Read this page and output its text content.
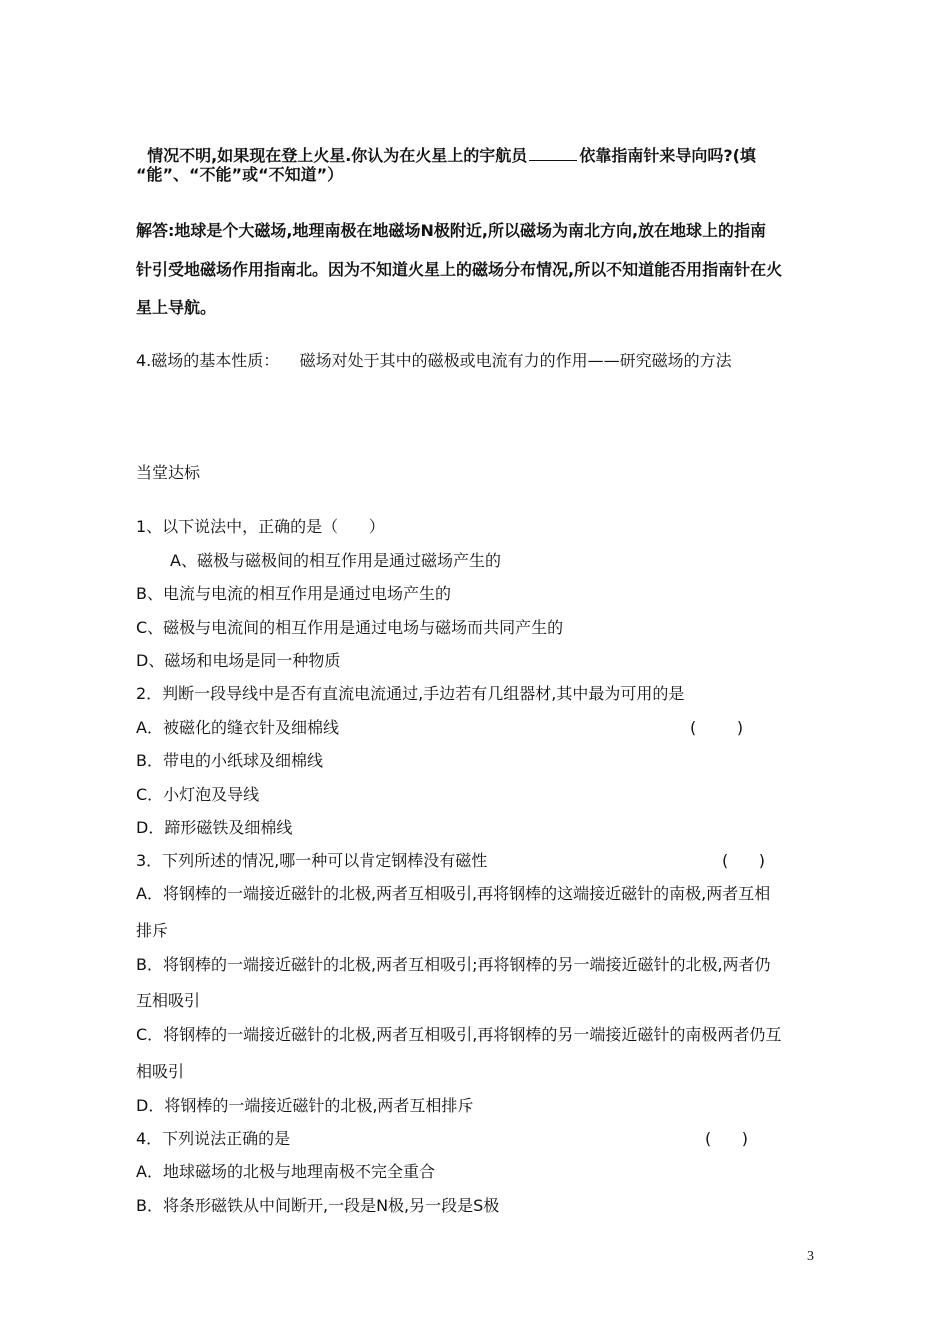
情况不明,如果现在登上火星.你认为在火星上的宇航员	依靠指南针来导向吗?(填

“能”、“不能”或“不知道”）
解答:地球是个大磁场,地理南极在地磁场N极附近,所以磁场为南北方向,放在地球上的指南
针引受地磁场作用指南北。因为不知道火星上的磁场分布情况,所以不知道能否用指南针在火
星上导航。
4.磁场的基本性质：    磁场对处于其中的磁极或电流有力的作用——研究磁场的方法
当堂达标
1、以下说法中，正确的是（      ）
A、磁极与磁极间的相互作用是通过磁场产生的
B、电流与电流的相互作用是通过电场产生的
C、磁极与电流间的相互作用是通过电场与磁场而共同产生的
D、磁场和电场是同一种物质
2．判断一段导线中是否有直流电流通过,手边若有几组器材,其中最为可用的是
A．被磁化的缝衣针及细棉线	(        )
B．带电的小纸球及细棉线
C．小灯泡及导线
D．蹄形磁铁及细棉线
3．下列所述的情况,哪一种可以肯定钢棒没有磁性	(      )
A．将钢棒的一端接近磁针的北极,两者互相吸引,再将钢棒的这端接近磁针的南极,两者互相
排斥
B．将钢棒的一端接近磁针的北极,两者互相吸引;再将钢棒的另一端接近磁针的北极,两者仍
互相吸引
C．将钢棒的一端接近磁针的北极,两者互相吸引,再将钢棒的另一端接近磁针的南极两者仍互
相吸引
D．将钢棒的一端接近磁针的北极,两者互相排斥
4．下列说法正确的是	(      )
A．地球磁场的北极与地理南极不完全重合
B．将条形磁铁从中间断开,一段是N极,另一段是S极
3
